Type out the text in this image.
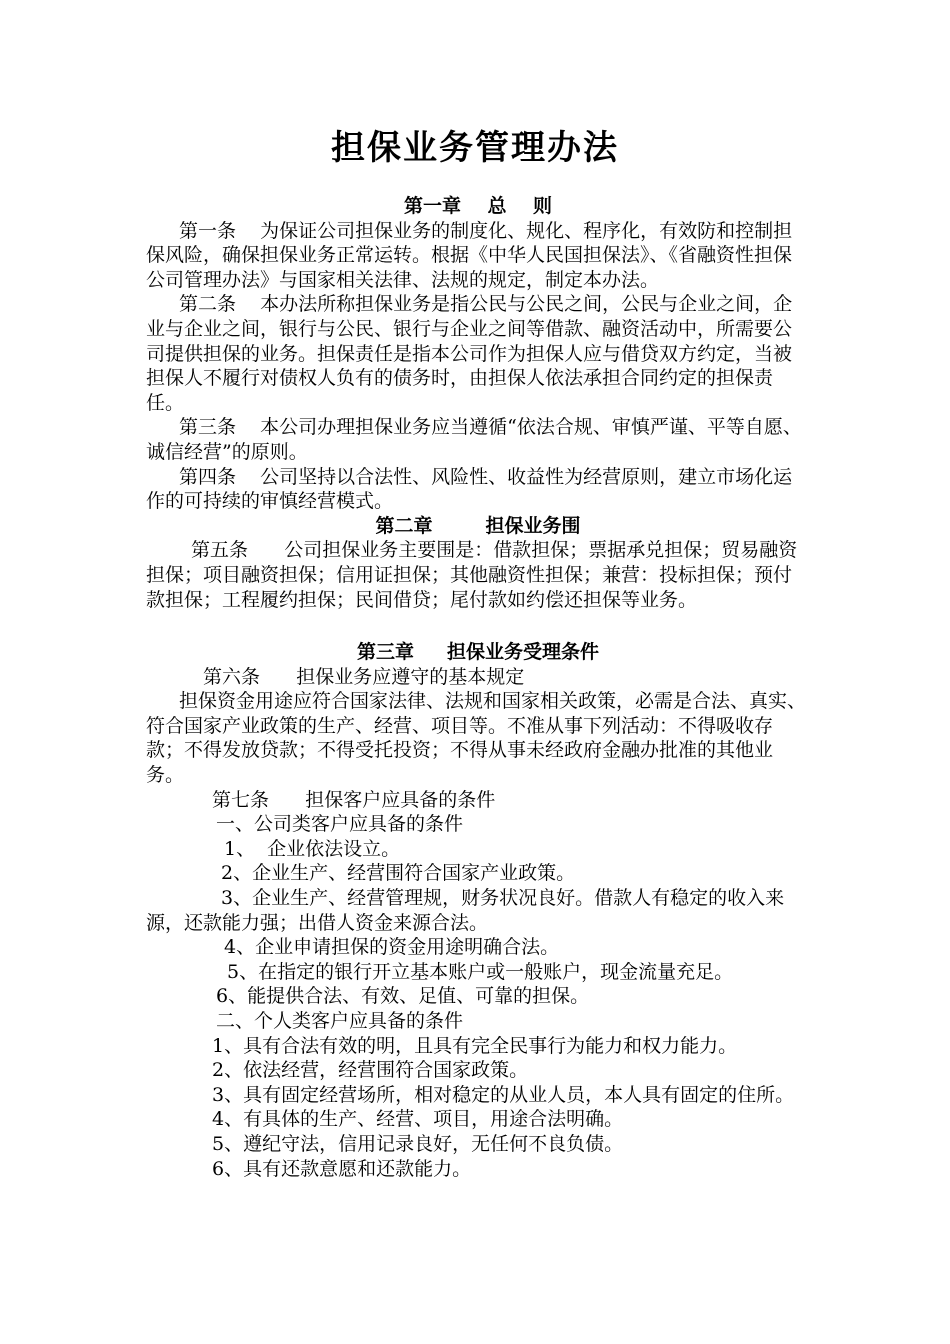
担保业务管理办法

第一章    总    则

第一条    为保证公司担保业务的制度化、规化、程序化，有效防和控制担保风险，确保担保业务正常运转。根据《中华人民国担保法》、《省融资性担保公司管理办法》与国家相关法律、法规的规定，制定本办法。

第二条    本办法所称担保业务是指公民与公民之间，公民与企业之间，企业与企业之间，银行与公民、银行与企业之间等借款、融资活动中，所需要公司提供担保的业务。担保责任是指本公司作为担保人应与借贷双方约定，当被担保人不履行对债权人负有的债务时，由担保人依法承担合同约定的担保责任。

第三条    本公司办理担保业务应当遵循“依法合规、审慎严谨、平等自愿、诚信经营”的原则。

第四条    公司坚持以合法性、风险性、收益性为经营原则，建立市场化运作的可持续的审慎经营模式。

第二章        担保业务围

第五条      公司担保业务主要围是：借款担保；票据承兑担保；贸易融资担保；项目融资担保；信用证担保；其他融资性担保；兼营：投标担保；预付款担保；工程履约担保；民间借贷；尾付款如约偿还担保等业务。

第三章     担保业务受理条件

第六条      担保业务应遵守的基本规定

担保资金用途应符合国家法律、法规和国家相关政策，必需是合法、真实、符合国家产业政策的生产、经营、项目等。不准从事下列活动：不得吸收存款；不得发放贷款；不得受托投资；不得从事未经政府金融办批准的其他业务。

第七条      担保客户应具备的条件

一、公司类客户应具备的条件

1、  企业依法设立。

2、企业生产、经营围符合国家产业政策。

3、企业生产、经营管理规，财务状况良好。借款人有稳定的收入来源，还款能力强；出借人资金来源合法。

4、企业申请担保的资金用途明确合法。

5、在指定的银行开立基本账户或一般账户，现金流量充足。

6、能提供合法、有效、足值、可靠的担保。

二、个人类客户应具备的条件

1、具有合法有效的明，且具有完全民事行为能力和权力能力。

2、依法经营，经营围符合国家政策。

3、具有固定经营场所，相对稳定的从业人员，本人具有固定的住所。

4、有具体的生产、经营、项目，用途合法明确。

5、遵纪守法，信用记录良好，无任何不良负债。

6、具有还款意愿和还款能力。
